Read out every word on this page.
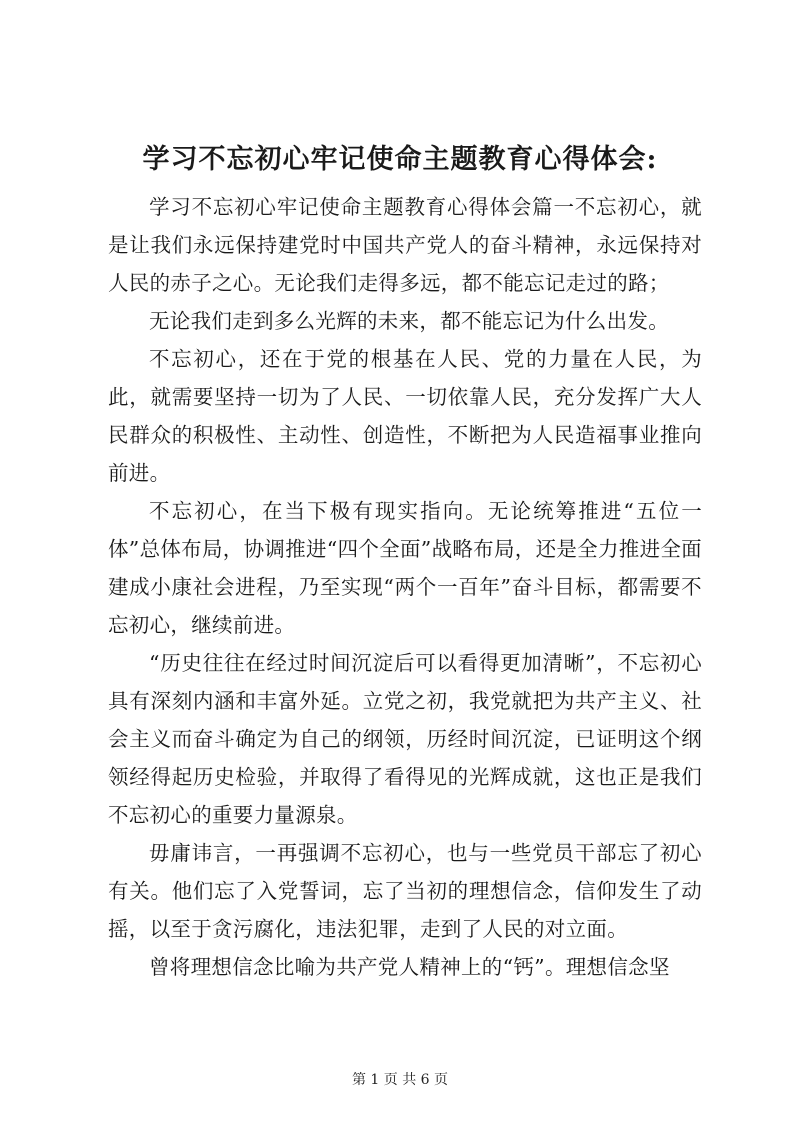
学习不忘初心牢记使命主题教育心得体会:

学习不忘初心牢记使命主题教育心得体会篇一不忘初心，就是让我们永远保持建党时中国共产党人的奋斗精神，永远保持对人民的赤子之心。无论我们走得多远，都不能忘记走过的路；

无论我们走到多么光辉的未来，都不能忘记为什么出发。

不忘初心，还在于党的根基在人民、党的力量在人民，为此，就需要坚持一切为了人民、一切依靠人民，充分发挥广大人民群众的积极性、主动性、创造性，不断把为人民造福事业推向前进。

不忘初心，在当下极有现实指向。无论统筹推进“五位一体”总体布局，协调推进“四个全面”战略布局，还是全力推进全面建成小康社会进程，乃至实现“两个一百年”奋斗目标，都需要不忘初心，继续前进。

“历史往往在经过时间沉淀后可以看得更加清晰”，不忘初心具有深刻内涵和丰富外延。立党之初，我党就把为共产主义、社会主义而奋斗确定为自己的纲领，历经时间沉淀，已证明这个纲领经得起历史检验，并取得了看得见的光辉成就，这也正是我们不忘初心的重要力量源泉。

毋庸讳言，一再强调不忘初心，也与一些党员干部忘了初心有关。他们忘了入党誓词，忘了当初的理想信念，信仰发生了动摇，以至于贪污腐化，违法犯罪，走到了人民的对立面。

曾将理想信念比喻为共产党人精神上的“钙”。理想信念坚

第 1 页 共 6 页
